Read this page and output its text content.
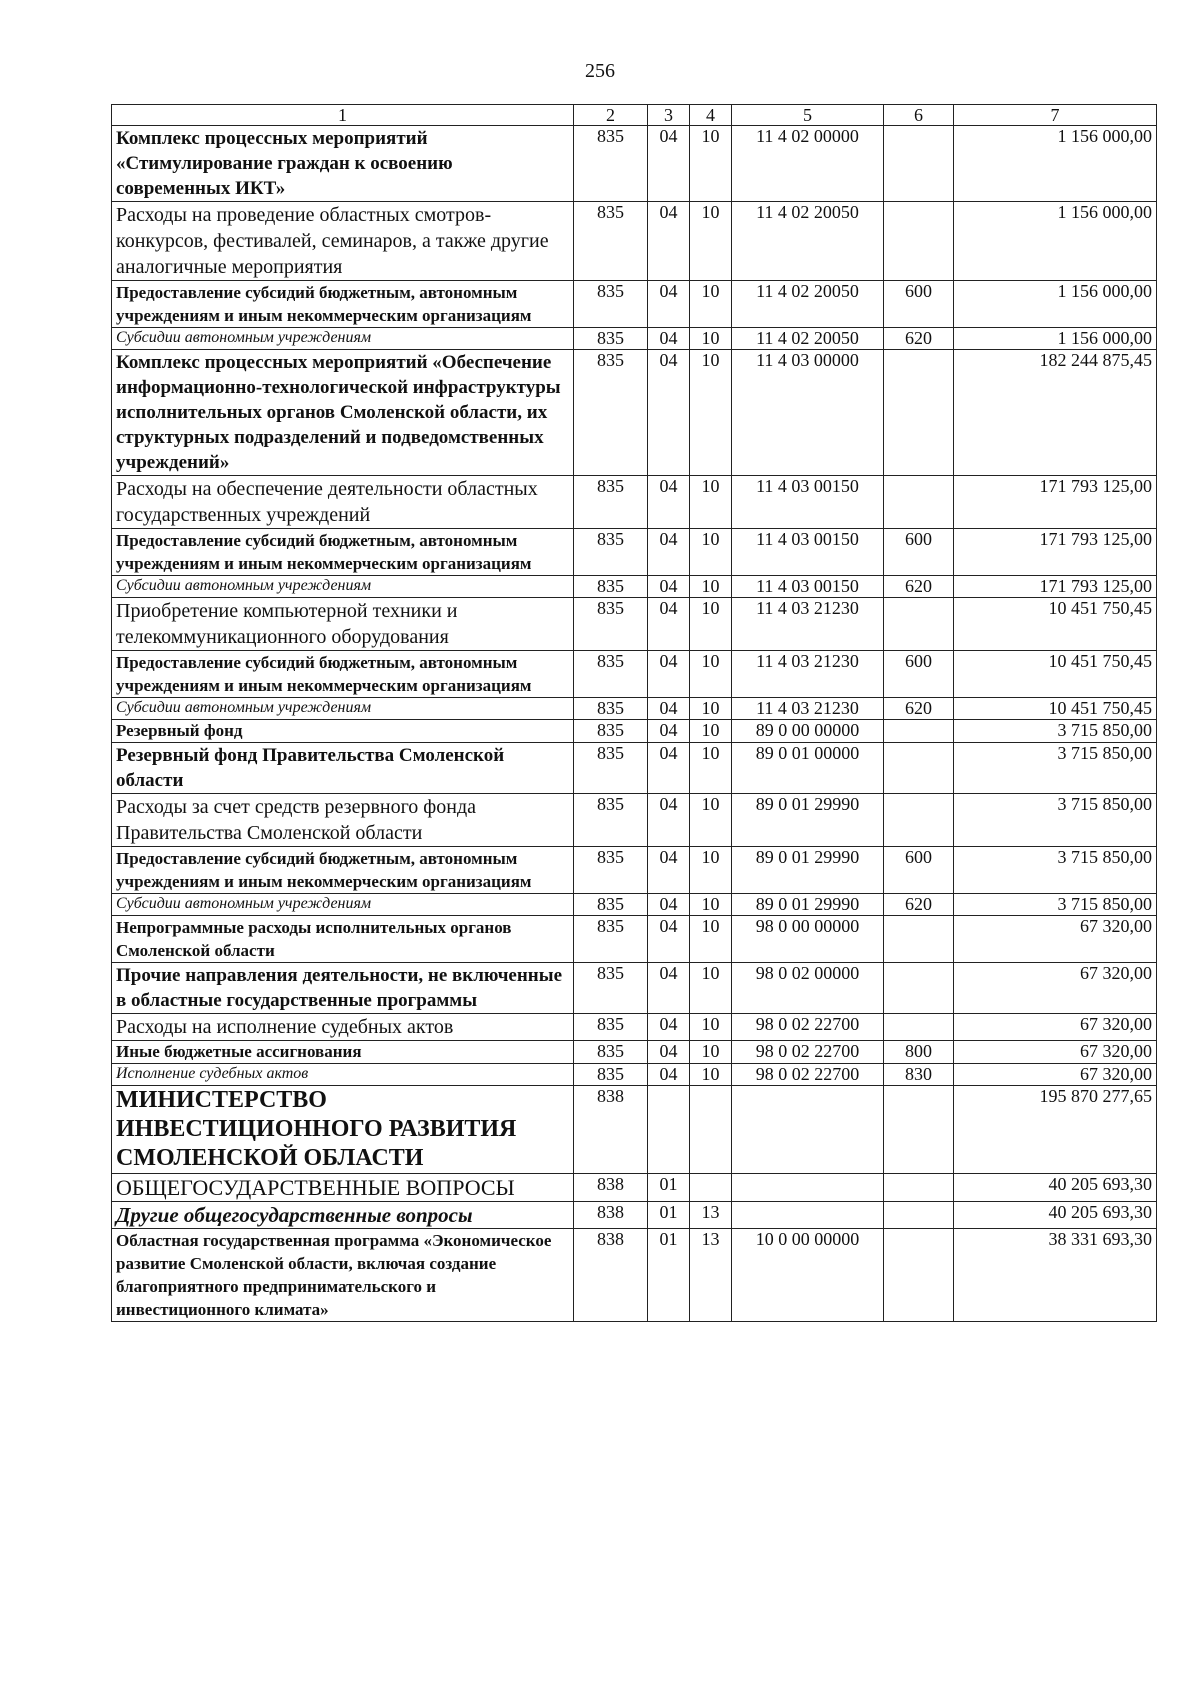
256
1	2	3	4	5	6	7
Комплекс процессных мероприятий «Стимулирование граждан к освоению современных ИКТ»	835	04	10	11 4 02 00000		1 156 000,00
Расходы на проведение областных смотров-конкурсов, фестивалей, семинаров, а также другие аналогичные мероприятия	835	04	10	11 4 02 20050		1 156 000,00
Предоставление субсидий бюджетным, автономным учреждениям и иным некоммерческим организациям	835	04	10	11 4 02 20050	600	1 156 000,00
Субсидии автономным учреждениям	835	04	10	11 4 02 20050	620	1 156 000,00
Комплекс процессных мероприятий «Обеспечение информационно-технологической инфраструктуры исполнительных органов Смоленской области, их структурных подразделений и подведомственных учреждений»	835	04	10	11 4 03 00000		182 244 875,45
Расходы на обеспечение деятельности областных государственных учреждений	835	04	10	11 4 03 00150		171 793 125,00
Предоставление субсидий бюджетным, автономным учреждениям и иным некоммерческим организациям	835	04	10	11 4 03 00150	600	171 793 125,00
Субсидии автономным учреждениям	835	04	10	11 4 03 00150	620	171 793 125,00
Приобретение компьютерной техники и телекоммуникационного оборудования	835	04	10	11 4 03 21230		10 451 750,45
Предоставление субсидий бюджетным, автономным учреждениям и иным некоммерческим организациям	835	04	10	11 4 03 21230	600	10 451 750,45
Субсидии автономным учреждениям	835	04	10	11 4 03 21230	620	10 451 750,45
Резервный фонд	835	04	10	89 0 00 00000		3 715 850,00
Резервный фонд Правительства Смоленской области	835	04	10	89 0 01 00000		3 715 850,00
Расходы за счет средств резервного фонда Правительства Смоленской области	835	04	10	89 0 01 29990		3 715 850,00
Предоставление субсидий бюджетным, автономным учреждениям и иным некоммерческим организациям	835	04	10	89 0 01 29990	600	3 715 850,00
Субсидии автономным учреждениям	835	04	10	89 0 01 29990	620	3 715 850,00
Непрограммные расходы исполнительных органов Смоленской области	835	04	10	98 0 00 00000		67 320,00
Прочие направления деятельности, не включенные в областные государственные программы	835	04	10	98 0 02 00000		67 320,00
Расходы на исполнение судебных актов	835	04	10	98 0 02 22700		67 320,00
Иные бюджетные ассигнования	835	04	10	98 0 02 22700	800	67 320,00
Исполнение судебных актов	835	04	10	98 0 02 22700	830	67 320,00
МИНИСТЕРСТВО ИНВЕСТИЦИОННОГО РАЗВИТИЯ СМОЛЕНСКОЙ ОБЛАСТИ	838					195 870 277,65
ОБЩЕГОСУДАРСТВЕННЫЕ ВОПРОСЫ	838	01				40 205 693,30
Другие общегосударственные вопросы	838	01	13			40 205 693,30
Областная государственная программа «Экономическое развитие Смоленской области, включая создание благоприятного предпринимательского и инвестиционного климата»	838	01	13	10 0 00 00000		38 331 693,30
